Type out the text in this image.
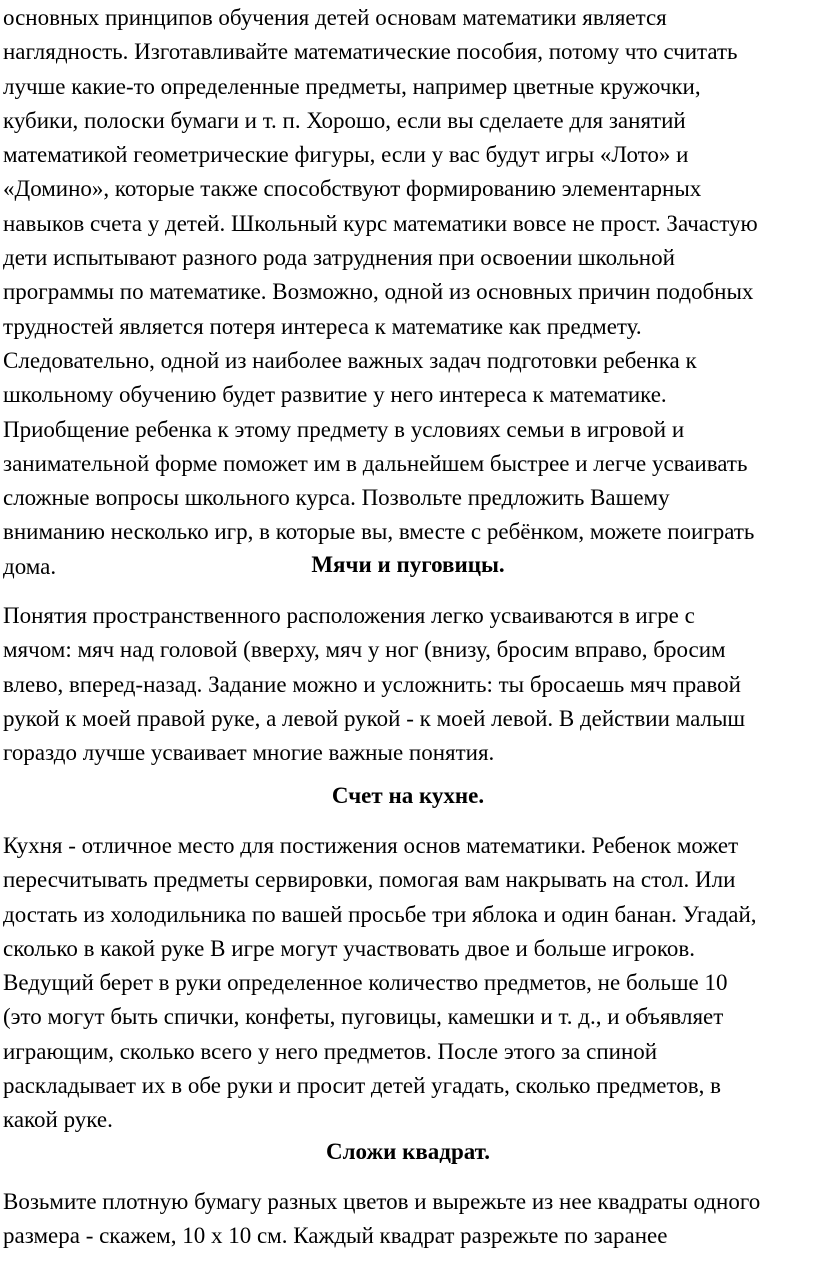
основных принципов обучения детей основам математики является
наглядность. Изготавливайте математические пособия, потому что считать
лучше какие-то определенные предметы, например цветные кружочки,
кубики, полоски бумаги и т. п. Хорошо, если вы сделаете для занятий
математикой геометрические фигуры, если у вас будут игры «Лото» и
«Домино», которые также способствуют формированию элементарных
навыков счета у детей. Школьный курс математики вовсе не прост. Зачастую
дети испытывают разного рода затруднения при освоении школьной
программы по математике. Возможно, одной из основных причин подобных
трудностей является потеря интереса к математике как предмету.
Следовательно, одной из наиболее важных задач подготовки ребенка к
школьному обучению будет развитие у него интереса к математике.
Приобщение ребенка к этому предмету в условиях семьи в игровой и
занимательной форме поможет им в дальнейшем быстрее и легче усваивать
сложные вопросы школьного курса. Позвольте предложить Вашему
вниманию несколько игр, в которые вы, вместе с ребёнком, можете поиграть
дома.	Мячи и пуговицы.
Понятия пространственного расположения легко усваиваются в игре с
мячом: мяч над головой (вверху, мяч у ног (внизу, бросим вправо, бросим
влево, вперед-назад. Задание можно и усложнить: ты бросаешь мяч правой
рукой к моей правой руке, а левой рукой - к моей левой. В действии малыш
гораздо лучше усваивает многие важные понятия.
Счет на кухне.
Кухня - отличное место для постижения основ математики. Ребенок может
пересчитывать предметы сервировки, помогая вам накрывать на стол. Или
достать из холодильника по вашей просьбе три яблока и один банан. Угадай,
сколько в какой руке В игре могут участвовать двое и больше игроков.
Ведущий берет в руки определенное количество предметов, не больше 10
(это могут быть спички, конфеты, пуговицы, камешки и т. д., и объявляет
играющим, сколько всего у него предметов. После этого за спиной
раскладывает их в обе руки и просит детей угадать, сколько предметов, в
какой руке.
Сложи квадрат.
Возьмите плотную бумагу разных цветов и вырежьте из нее квадраты одного
размера - скажем, 10 х 10 см. Каждый квадрат разрежьте по заранее
